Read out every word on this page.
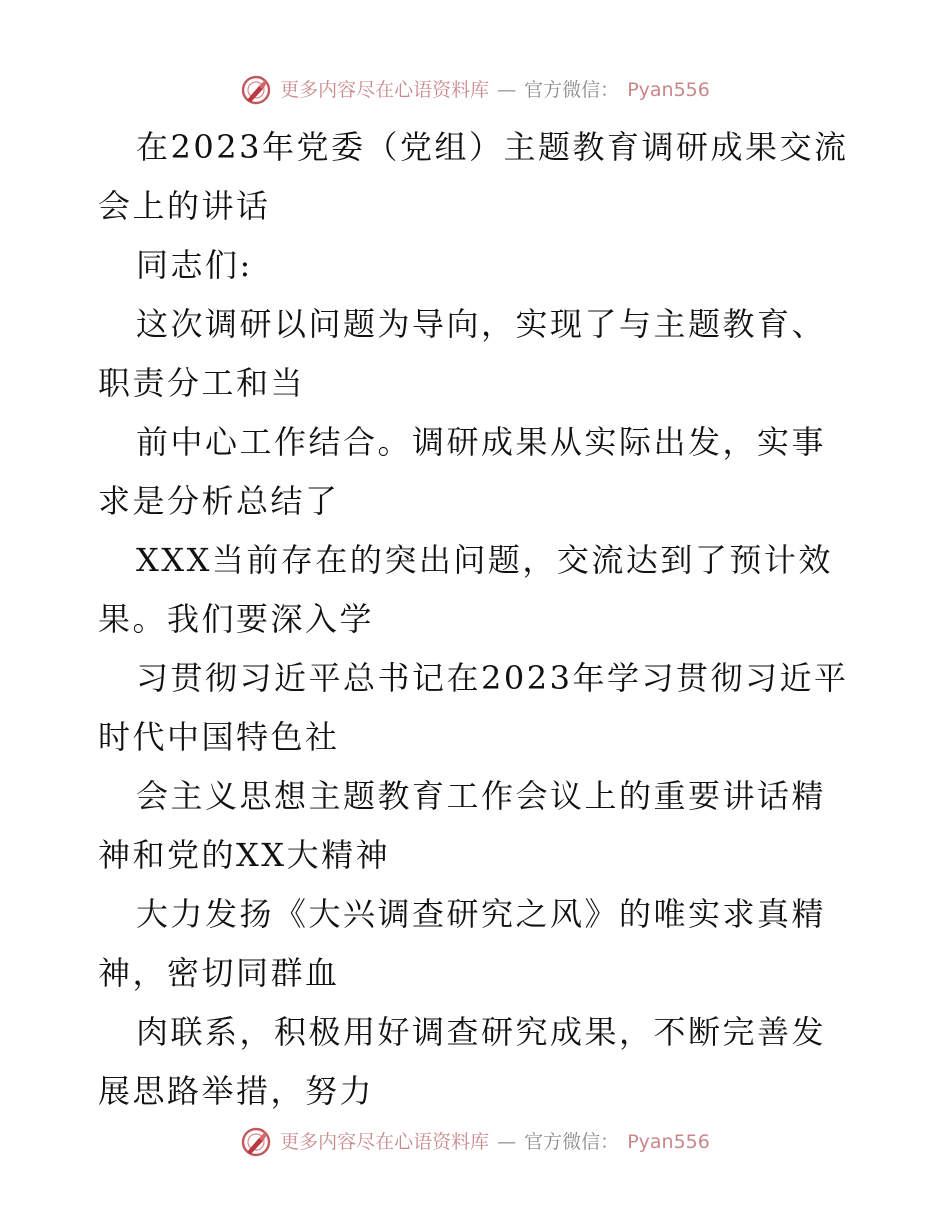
更多内容尽在心语资料库 — 官方微信： Pyan556

在2023年党委（党组）主题教育调研成果交流会上的讲话

同志们:

这次调研以问题为导向，实现了与主题教育、职责分工和当

前中心工作结合。调研成果从实际出发，实事求是分析总结了

XXX当前存在的突出问题，交流达到了预计效果。我们要深入学

习贯彻习近平总书记在2023年学习贯彻习近平时代中国特色社

会主义思想主题教育工作会议上的重要讲话精神和党的XX大精神

大力发扬《大兴调查研究之风》的唯实求真精神，密切同群血

肉联系，积极用好调查研究成果，不断完善发展思路举措，努力

更多内容尽在心语资料库 — 官方微信： Pyan556
